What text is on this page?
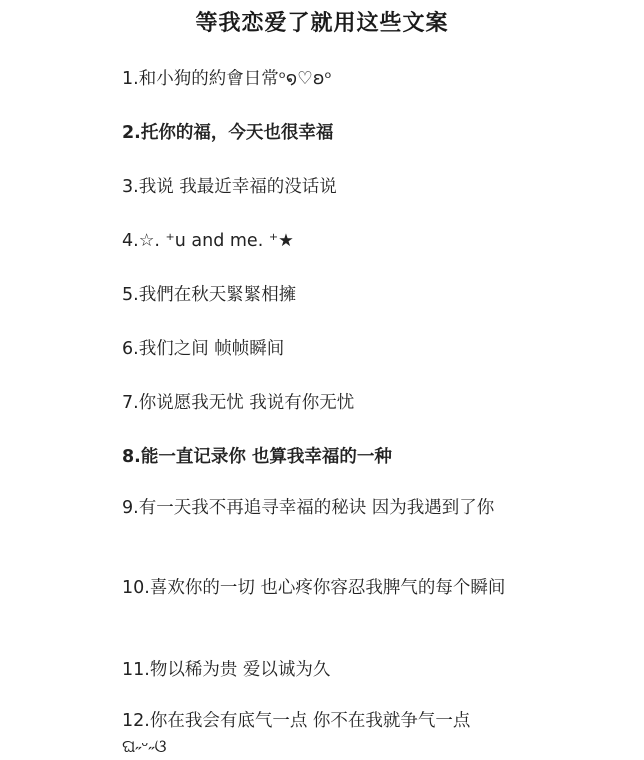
等我恋爱了就用这些文案
1.和小狗的約會日常ᵒ໑♡ʚᵒ
2.托你的福，今天也很幸福
3.我说 我最近幸福的没话说
4.☆. ⁺u and me. ⁺★
5.我們在秋天緊緊相擁
6.我们之间 帧帧瞬间
7.你说愿我无忧 我说有你无忧
8.能一直记录你 也算我幸福的一种
9.有一天我不再追寻幸福的秘诀 因为我遇到了你
10.喜欢你的一切 也心疼你容忍我脾气的每个瞬间
11.物以稀为贵 爱以诚为久
12.你在我会有底气一点 你不在我就争气一点 ଘ˶ᵕ˶ଓ
